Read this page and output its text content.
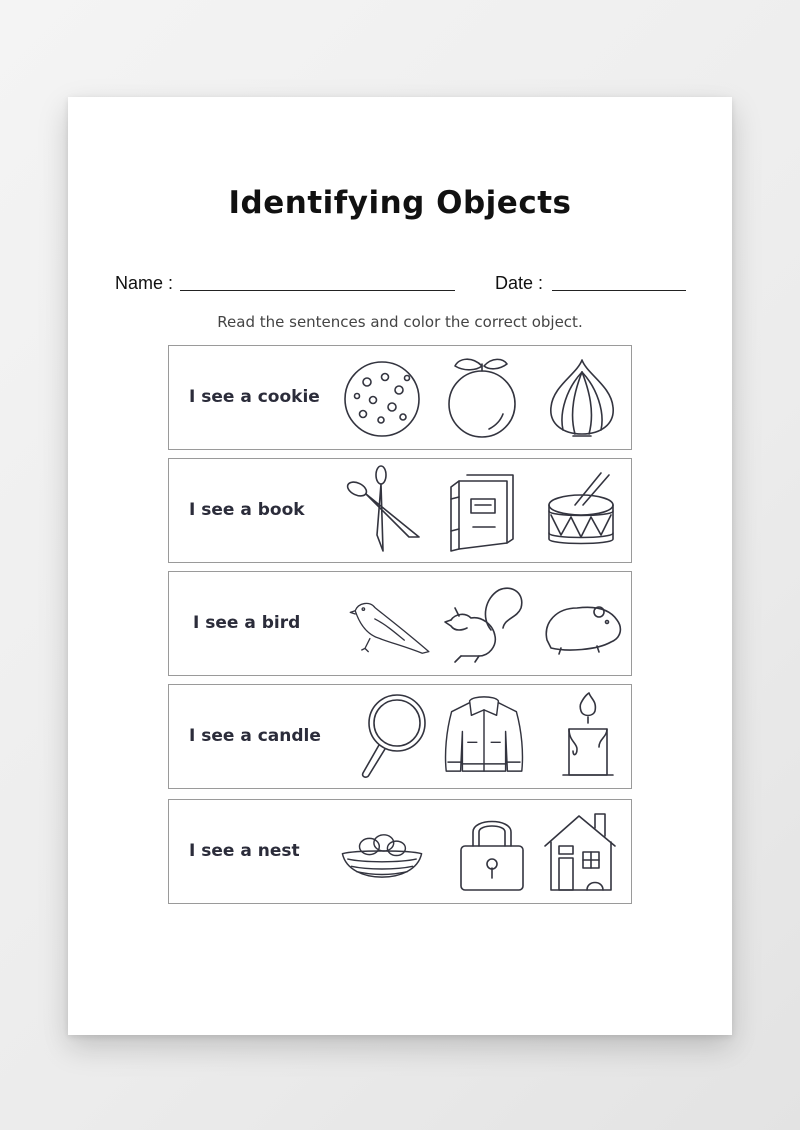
Identifying Objects
Name :	Date :
Read the sentences and color the correct object.
I see a cookie
I see a book
I see a bird
I see a candle
I see a nest
